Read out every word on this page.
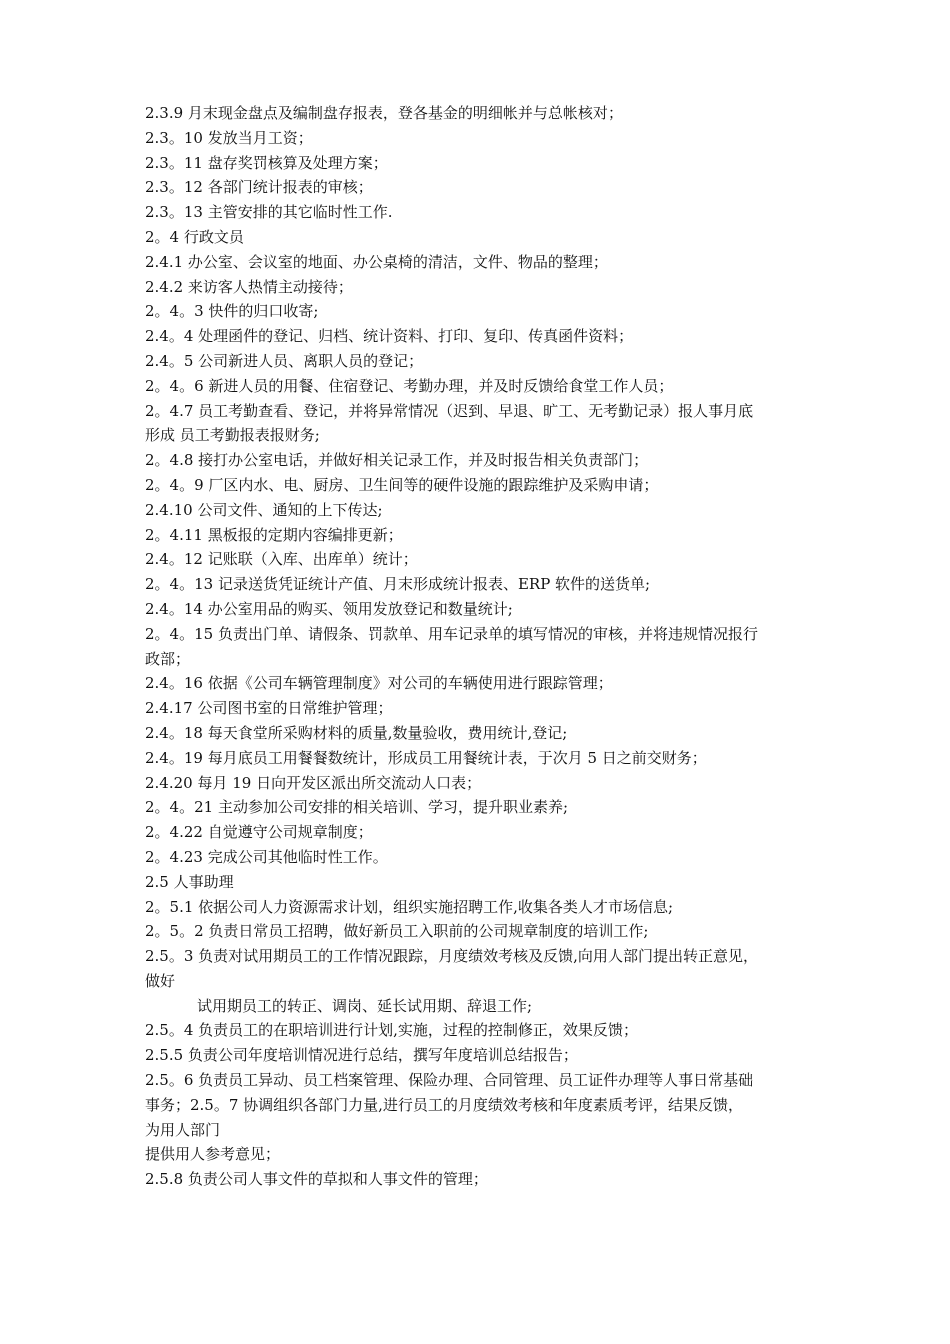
2.3.9 月末现金盘点及编制盘存报表，登各基金的明细帐并与总帐核对；
2.3。10 发放当月工资；
2.3。11 盘存奖罚核算及处理方案；
2.3。12 各部门统计报表的审核；
2.3。13 主管安排的其它临时性工作.
2。4 行政文员
2.4.1 办公室、会议室的地面、办公桌椅的清洁，文件、物品的整理；
2.4.2 来访客人热情主动接待；
2。4。3 快件的归口收寄;
2.4。4 处理函件的登记、归档、统计资料、打印、复印、传真函件资料；
2.4。5 公司新进人员、离职人员的登记；
2。4。6 新进人员的用餐、住宿登记、考勤办理，并及时反馈给食堂工作人员；
2。4.7 员工考勤查看、登记，并将异常情况（迟到、早退、旷工、无考勤记录）报人事月底
形成 员工考勤报表报财务;
2。4.8 接打办公室电话，并做好相关记录工作，并及时报告相关负责部门；
2。4。9 厂区内水、电、厨房、卫生间等的硬件设施的跟踪维护及采购申请；
2.4.10 公司文件、通知的上下传达;
2。4.11 黑板报的定期内容编排更新；
2.4。12 记账联（入库、出库单）统计；
2。4。13 记录送货凭证统计产值、月末形成统计报表、ERP 软件的送货单;
2.4。14 办公室用品的购买、领用发放登记和数量统计;
2。4。15 负责出门单、请假条、罚款单、用车记录单的填写情况的审核，并将违规情况报行
政部；
2.4。16 依据《公司车辆管理制度》对公司的车辆使用进行跟踪管理；
2.4.17 公司图书室的日常维护管理；
2.4。18 每天食堂所采购材料的质量,数量验收，费用统计,登记;
2.4。19 每月底员工用餐餐数统计，形成员工用餐统计表，于次月 5 日之前交财务；
2.4.20 每月 19 日向开发区派出所交流动人口表；
2。4。21 主动参加公司安排的相关培训、学习，提升职业素养;
2。4.22 自觉遵守公司规章制度；
2。4.23 完成公司其他临时性工作。
2.5 人事助理
2。5.1 依据公司人力资源需求计划，组织实施招聘工作,收集各类人才市场信息;
2。5。2 负责日常员工招聘，做好新员工入职前的公司规章制度的培训工作;
2.5。3 负责对试用期员工的工作情况跟踪，月度绩效考核及反馈,向用人部门提出转正意见，
做好
试用期员工的转正、调岗、延长试用期、辞退工作;
2.5。4 负责员工的在职培训进行计划,实施，过程的控制修正，效果反馈；
2.5.5 负责公司年度培训情况进行总结，撰写年度培训总结报告；
2.5。6 负责员工异动、员工档案管理、保险办理、合同管理、员工证件办理等人事日常基础
事务；2.5。7 协调组织各部门力量,进行员工的月度绩效考核和年度素质考评，结果反馈，
为用人部门
提供用人参考意见；
2.5.8 负责公司人事文件的草拟和人事文件的管理；
